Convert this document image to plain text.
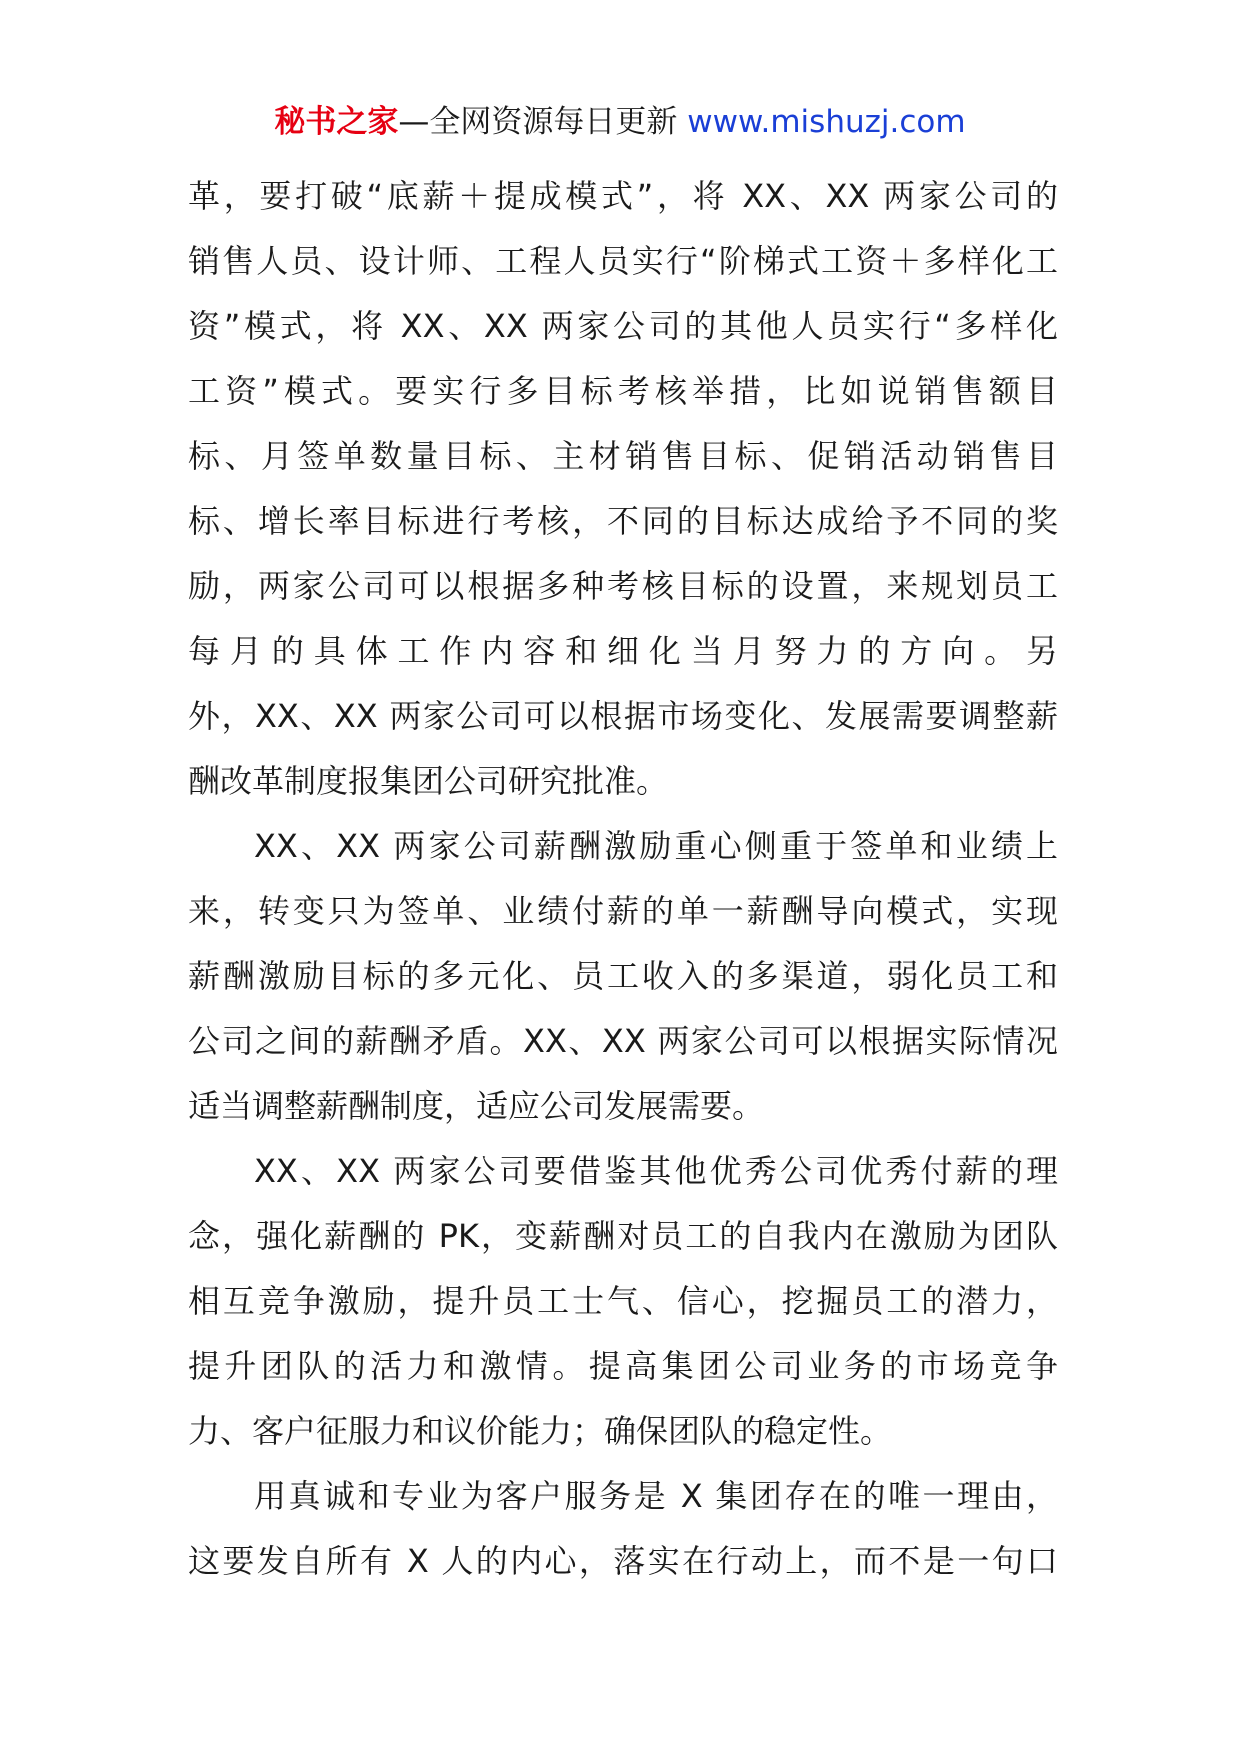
秘书之家—全网资源每日更新 www.mishuzj.com
革，要打破“底薪＋提成模式”，将 XX、XX 两家公司的
销售人员、设计师、工程人员实行“阶梯式工资＋多样化工
资”模式，将 XX、XX 两家公司的其他人员实行“多样化
工资”模式。要实行多目标考核举措，比如说销售额目
标、月签单数量目标、主材销售目标、促销活动销售目
标、增长率目标进行考核，不同的目标达成给予不同的奖
励，两家公司可以根据多种考核目标的设置，来规划员工
每月的具体工作内容和细化当月努力的方向。另
外，XX、XX 两家公司可以根据市场变化、发展需要调整薪
酬改革制度报集团公司研究批准。
XX、XX 两家公司薪酬激励重心侧重于签单和业绩上
来，转变只为签单、业绩付薪的单一薪酬导向模式，实现
薪酬激励目标的多元化、员工收入的多渠道，弱化员工和
公司之间的薪酬矛盾。XX、XX 两家公司可以根据实际情况
适当调整薪酬制度，适应公司发展需要。
XX、XX 两家公司要借鉴其他优秀公司优秀付薪的理
念，强化薪酬的 PK，变薪酬对员工的自我内在激励为团队
相互竞争激励，提升员工士气、信心，挖掘员工的潜力，
提升团队的活力和激情。提高集团公司业务的市场竞争
力、客户征服力和议价能力；确保团队的稳定性。
用真诚和专业为客户服务是 X 集团存在的唯一理由，
这要发自所有 X 人的内心，落实在行动上，而不是一句口
